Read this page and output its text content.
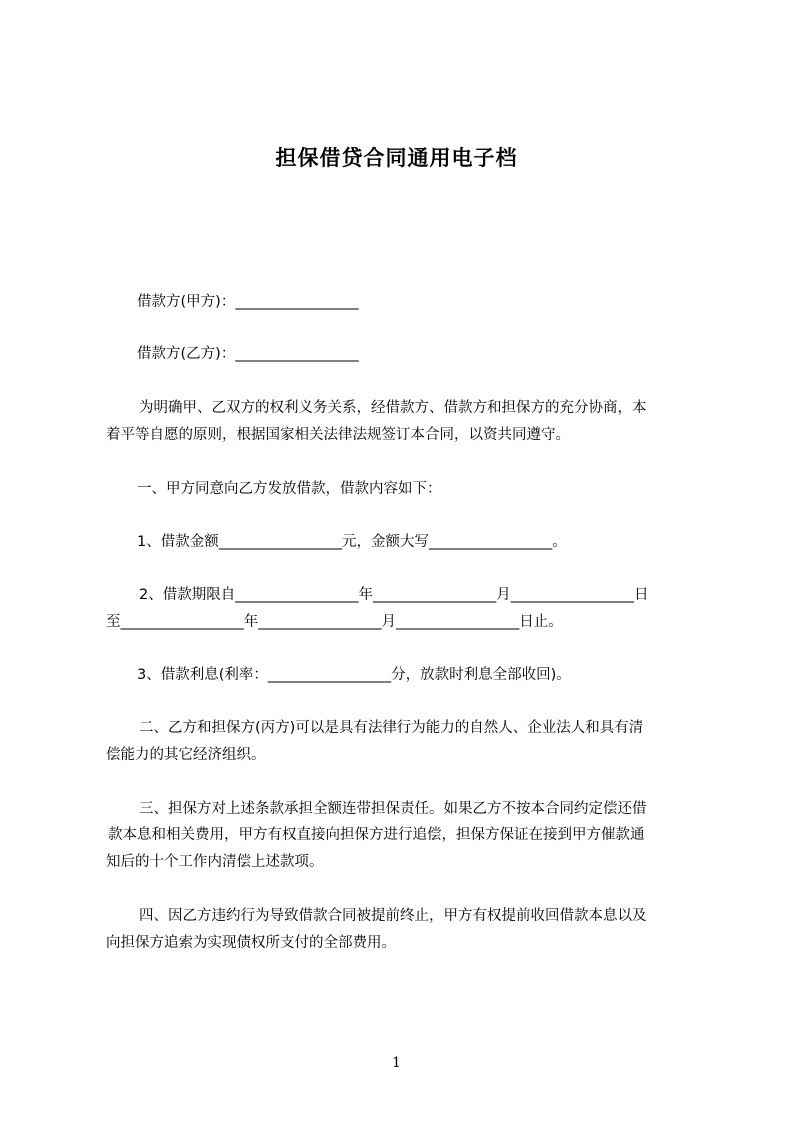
担保借贷合同通用电子档
借款方(甲方)：_________________
借款方(乙方)：_________________
为明确甲、乙双方的权利义务关系，经借款方、借款方和担保方的充分协商，本
着平等自愿的原则，根据国家相关法律法规签订本合同，以资共同遵守。
一、甲方同意向乙方发放借款，借款内容如下：
1、借款金额_________________元，金额大写_________________。
2、借款期限自_________________年_________________月_________________日
至_________________年_________________月_________________日止。
3、借款利息(利率：_________________分，放款时利息全部收回)。
二、乙方和担保方(丙方)可以是具有法律行为能力的自然人、企业法人和具有清
偿能力的其它经济组织。
三、担保方对上述条款承担全额连带担保责任。如果乙方不按本合同约定偿还借
款本息和相关费用，甲方有权直接向担保方进行追偿，担保方保证在接到甲方催款通
知后的十个工作内清偿上述款项。
四、因乙方违约行为导致借款合同被提前终止，甲方有权提前收回借款本息以及
向担保方追索为实现债权所支付的全部费用。
1
